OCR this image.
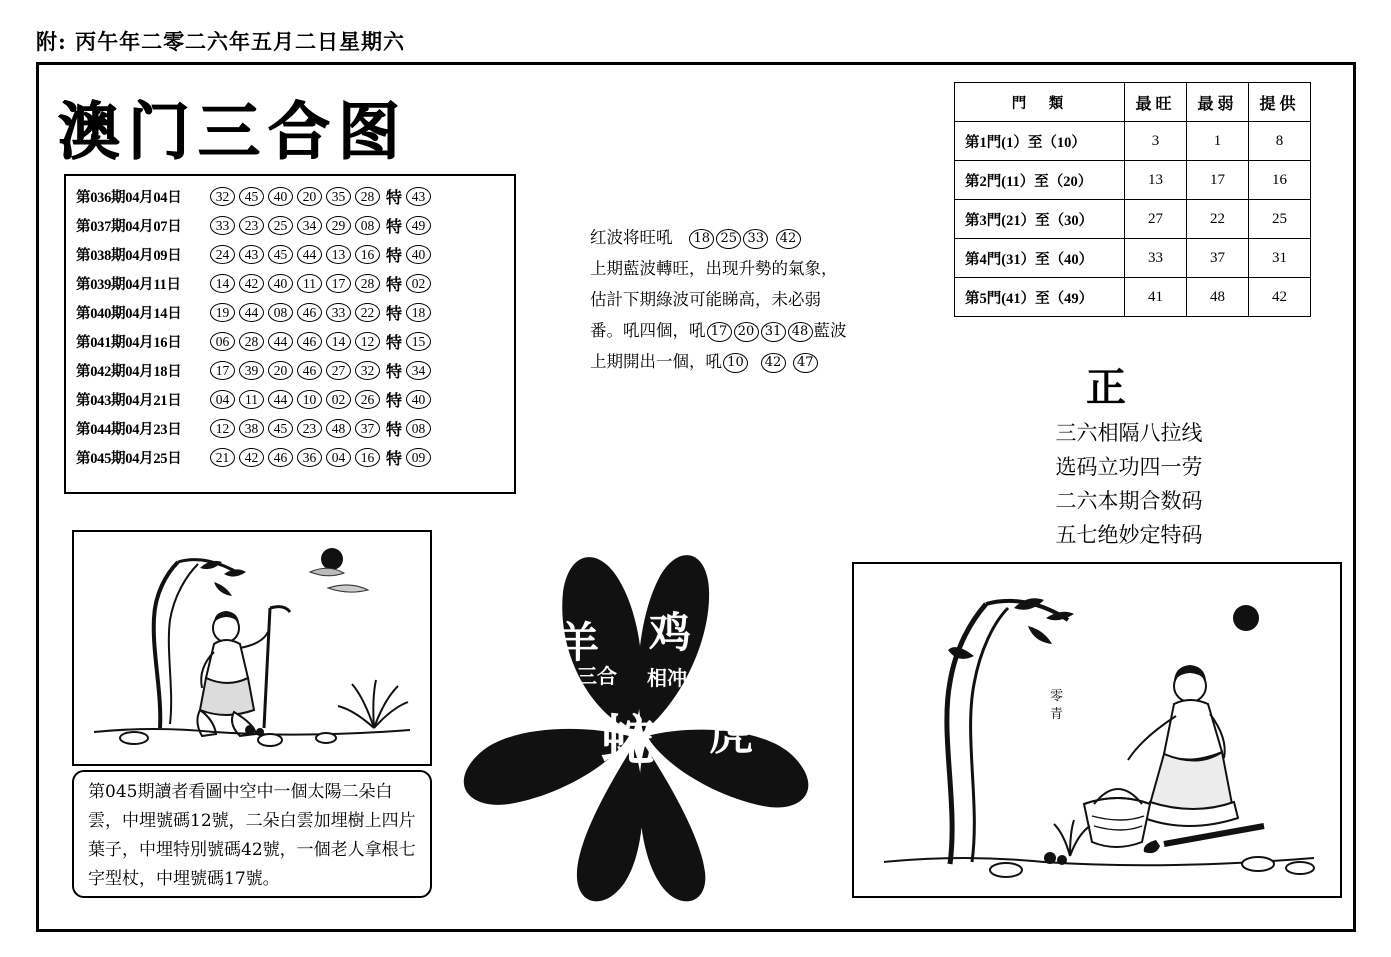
附: 丙午年二零二六年五月二日星期六
澳门三合图
第036期04月04日	32	45	40	20	35	28 特 43
第037期04月07日	33	23	25	34	29	08 特 49
第038期04月09日	24	43	45	44	13	16 特 40
第039期04月11日	14	42	40	11	17	28 特 02
第040期04月14日	19	44	08	46	33	22 特 18
第041期04月16日	06	28	44	46	14	12 特 15
第042期04月18日	17	39	20	46	27	32 特 34
第043期04月21日	04	11	44	10	02	26 特 40
第044期04月23日	12	38	45	23	48	37 特 08
第045期04月25日	21	42	46	36	04	16 特 09
红波将旺吼 18 25 33 42
上期藍波轉旺，出现升勢的氣象，
估計下期綠波可能睇高，未必弱
番。吼四個，吼 17 20 31 48 藍波
上期開出一個，吼 10 42 47
門　類	最旺	最弱	提供
第1門(1）至（10）	3	1	8
第2門(11）至（20）	13	17	16
第3門(21）至（30）	27	22	25
第4門(31）至（40）	33	37	31
第5門(41）至（49）	41	48	42
正
三六相隔八拉线
选码立功四一劳
二六本期合数码
五七绝妙定特码
第045期讀者看圖中空中一個太陽二朵白雲，中埋號碼12號，二朵白雲加埋樹上四片葉子，中埋特別號碼42號，一個老人拿根七字型杖，中埋號碼17號。
羊 鸡
兔	虎
蛇
三合 相冲
六合
零
青
